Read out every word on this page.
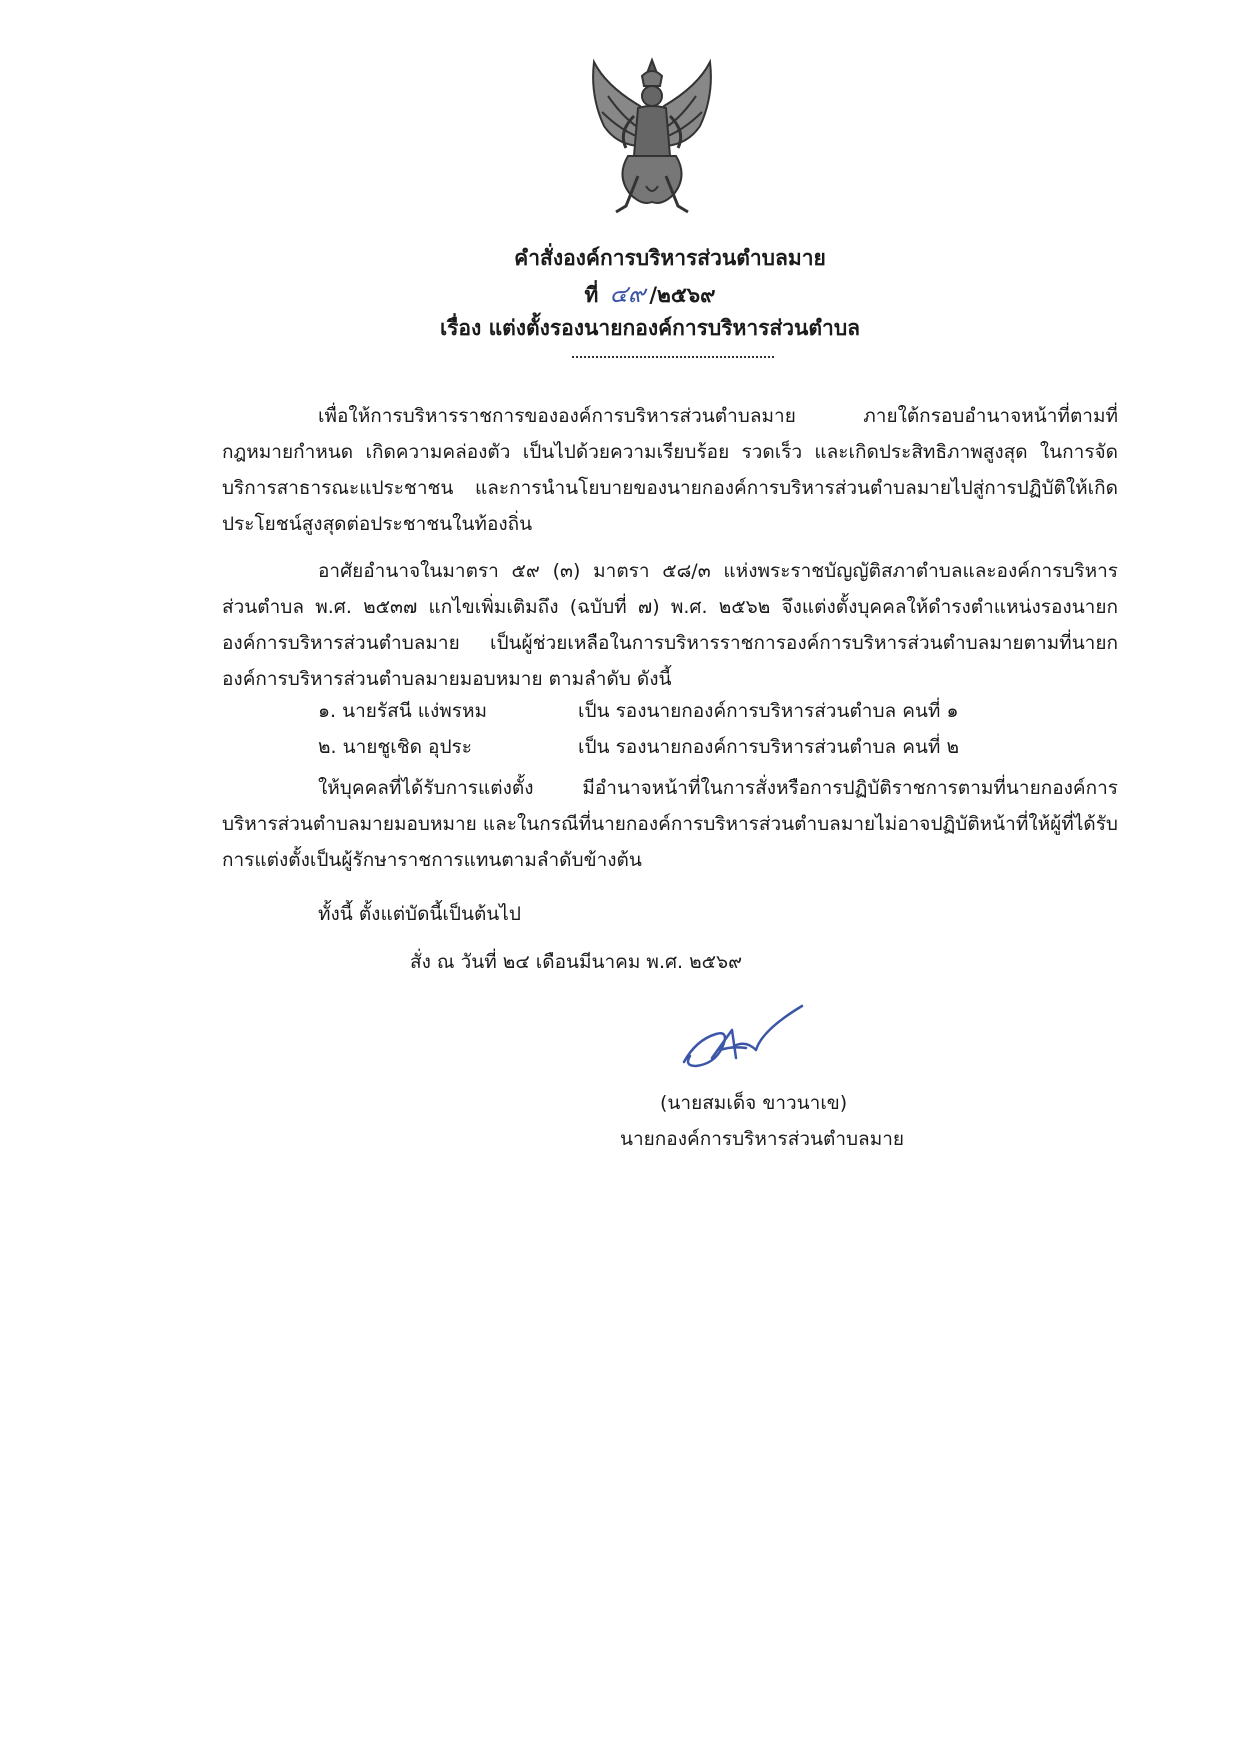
คำสั่งองค์การบริหารส่วนตำบลมาย
ที่ ๔๙ /๒๕๖๙
เรื่อง แต่งตั้งรองนายกองค์การบริหารส่วนตำบล
เพื่อให้การบริหารราชการขององค์การบริหารส่วนตำบลมาย ภายใต้กรอบอำนาจหน้าที่ตามที่กฎหมายกำหนด เกิดความคล่องตัว เป็นไปด้วยความเรียบร้อย รวดเร็ว และเกิดประสิทธิภาพสูงสุด ในการจัดบริการสาธารณะแประชาชน และการนำนโยบายของนายกองค์การบริหารส่วนตำบลมายไปสู่การปฏิบัติให้เกิดประโยชน์สูงสุดต่อประชาชนในท้องถิ่น
อาศัยอำนาจในมาตรา ๕๙ (๓) มาตรา ๕๘/๓ แห่งพระราชบัญญัติสภาตำบลและองค์การบริหารส่วนตำบล พ.ศ. ๒๕๓๗ แกไขเพิ่มเติมถึง (ฉบับที่ ๗) พ.ศ. ๒๕๖๒ จึงแต่งตั้งบุคคลให้ดำรงตำแหน่งรองนายกองค์การบริหารส่วนตำบลมาย เป็นผู้ช่วยเหลือในการบริหารราชการองค์การบริหารส่วนตำบลมายตามที่นายกองค์การบริหารส่วนตำบลมายมอบหมาย ตามลำดับ ดังนี้
๑. นายรัสนี แง่พรหม	เป็น รองนายกองค์การบริหารส่วนตำบล คนที่ ๑
๒. นายชูเชิด อุประ	เป็น รองนายกองค์การบริหารส่วนตำบล คนที่ ๒
ให้บุคคลที่ได้รับการแต่งตั้ง มีอำนาจหน้าที่ในการสั่งหรือการปฏิบัติราชการตามที่นายกองค์การบริหารส่วนตำบลมายมอบหมาย และในกรณีที่นายกองค์การบริหารส่วนตำบลมายไม่อาจปฏิบัติหน้าที่ให้ผู้ที่ได้รับการแต่งตั้งเป็นผู้รักษาราชการแทนตามลำดับข้างต้น
ทั้งนี้ ตั้งแต่บัดนี้เป็นต้นไป
สั่ง ณ วันที่ ๒๔ เดือนมีนาคม พ.ศ. ๒๕๖๙
(นายสมเด็จ ขาวนาเข)
นายกองค์การบริหารส่วนตำบลมาย
